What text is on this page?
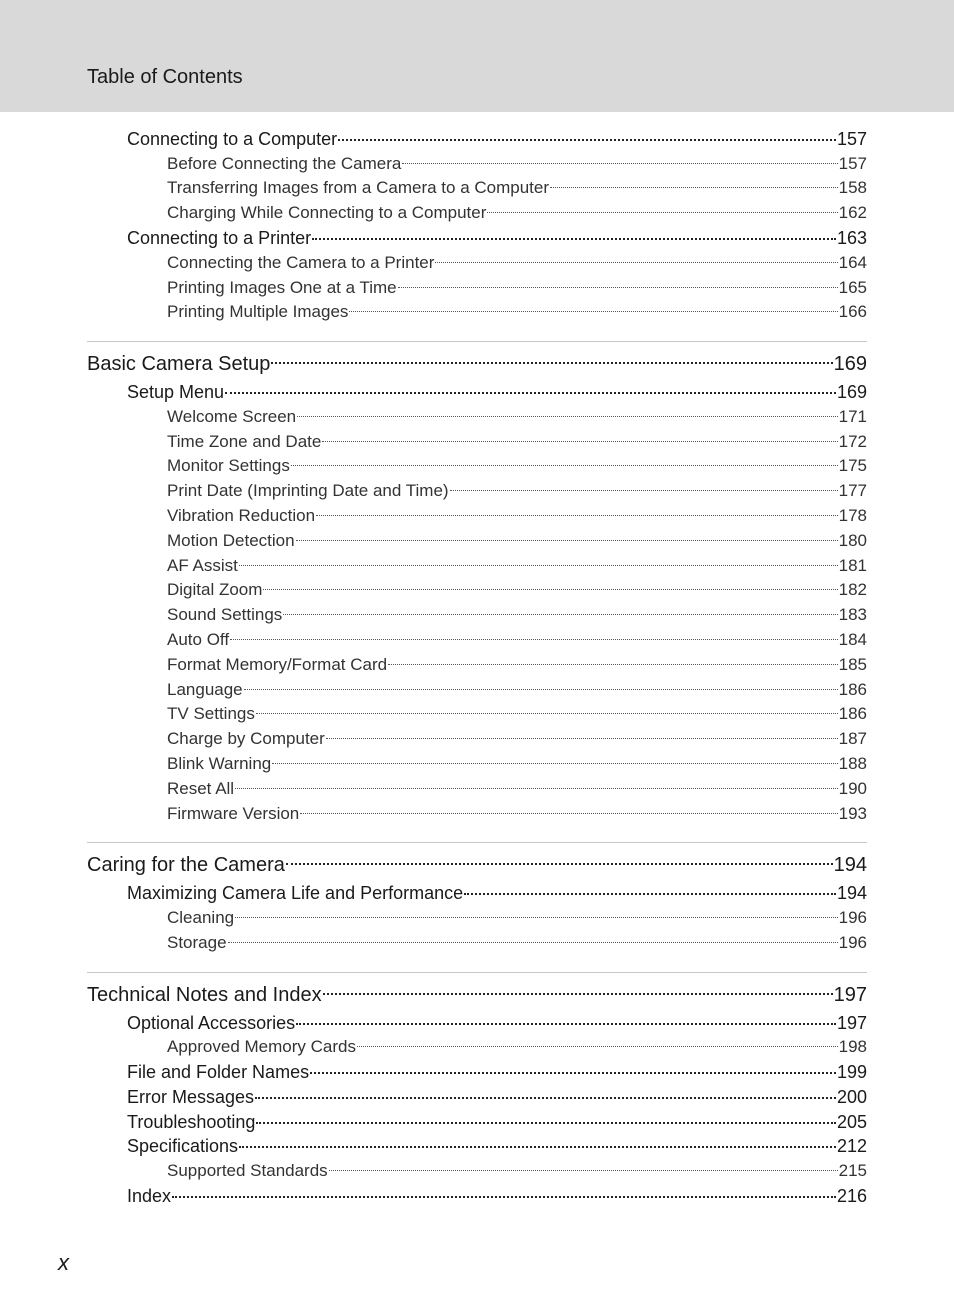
Table of Contents
Connecting to a Computer	157
Before Connecting the Camera	157
Transferring Images from a Camera to a Computer	158
Charging While Connecting to a Computer	162
Connecting to a Printer	163
Connecting the Camera to a Printer	164
Printing Images One at a Time	165
Printing Multiple Images	166
Basic Camera Setup	169
Setup Menu	169
Welcome Screen	171
Time Zone and Date	172
Monitor Settings	175
Print Date (Imprinting Date and Time)	177
Vibration Reduction	178
Motion Detection	180
AF Assist	181
Digital Zoom	182
Sound Settings	183
Auto Off	184
Format Memory/Format Card	185
Language	186
TV Settings	186
Charge by Computer	187
Blink Warning	188
Reset All	190
Firmware Version	193
Caring for the Camera	194
Maximizing Camera Life and Performance	194
Cleaning	196
Storage	196
Technical Notes and Index	197
Optional Accessories	197
Approved Memory Cards	198
File and Folder Names	199
Error Messages	200
Troubleshooting	205
Specifications	212
Supported Standards	215
Index	216
x
